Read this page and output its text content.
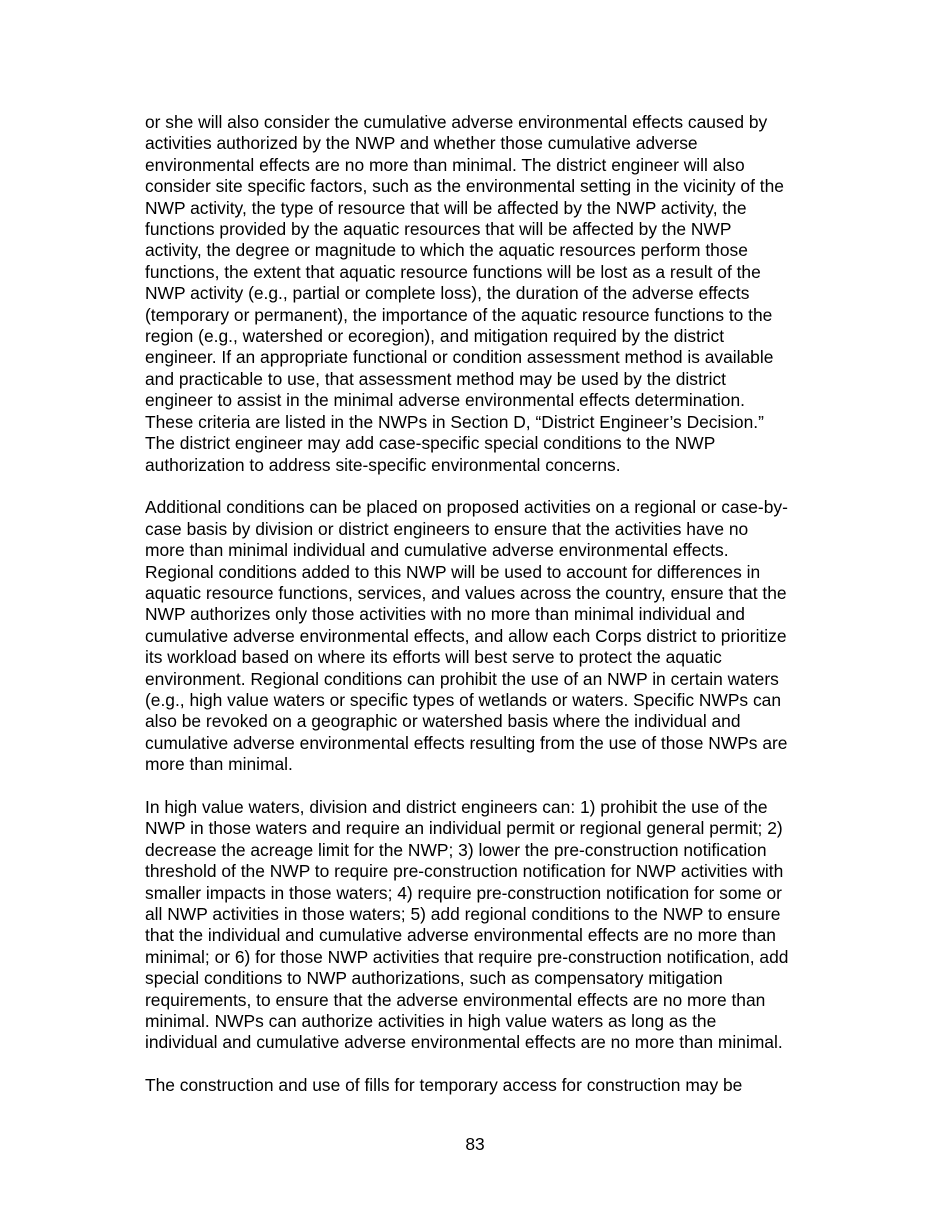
or she will also consider the cumulative adverse environmental effects caused by
activities authorized by the NWP and whether those cumulative adverse
environmental effects are no more than minimal. The district engineer will also
consider site specific factors, such as the environmental setting in the vicinity of the
NWP activity, the type of resource that will be affected by the NWP activity, the
functions provided by the aquatic resources that will be affected by the NWP
activity, the degree or magnitude to which the aquatic resources perform those
functions, the extent that aquatic resource functions will be lost as a result of the
NWP activity (e.g., partial or complete loss), the duration of the adverse effects
(temporary or permanent), the importance of the aquatic resource functions to the
region (e.g., watershed or ecoregion), and mitigation required by the district
engineer. If an appropriate functional or condition assessment method is available
and practicable to use, that assessment method may be used by the district
engineer to assist in the minimal adverse environmental effects determination.
These criteria are listed in the NWPs in Section D, “District Engineer’s Decision.”
The district engineer may add case-specific special conditions to the NWP
authorization to address site-specific environmental concerns.

Additional conditions can be placed on proposed activities on a regional or case-by-
case basis by division or district engineers to ensure that the activities have no
more than minimal individual and cumulative adverse environmental effects.
Regional conditions added to this NWP will be used to account for differences in
aquatic resource functions, services, and values across the country, ensure that the
NWP authorizes only those activities with no more than minimal individual and
cumulative adverse environmental effects, and allow each Corps district to prioritize
its workload based on where its efforts will best serve to protect the aquatic
environment. Regional conditions can prohibit the use of an NWP in certain waters
(e.g., high value waters or specific types of wetlands or waters. Specific NWPs can
also be revoked on a geographic or watershed basis where the individual and
cumulative adverse environmental effects resulting from the use of those NWPs are
more than minimal.

In high value waters, division and district engineers can: 1) prohibit the use of the
NWP in those waters and require an individual permit or regional general permit; 2)
decrease the acreage limit for the NWP; 3) lower the pre-construction notification
threshold of the NWP to require pre-construction notification for NWP activities with
smaller impacts in those waters; 4) require pre-construction notification for some or
all NWP activities in those waters; 5) add regional conditions to the NWP to ensure
that the individual and cumulative adverse environmental effects are no more than
minimal; or 6) for those NWP activities that require pre-construction notification, add
special conditions to NWP authorizations, such as compensatory mitigation
requirements, to ensure that the adverse environmental effects are no more than
minimal. NWPs can authorize activities in high value waters as long as the
individual and cumulative adverse environmental effects are no more than minimal.

The construction and use of fills for temporary access for construction may be

83
